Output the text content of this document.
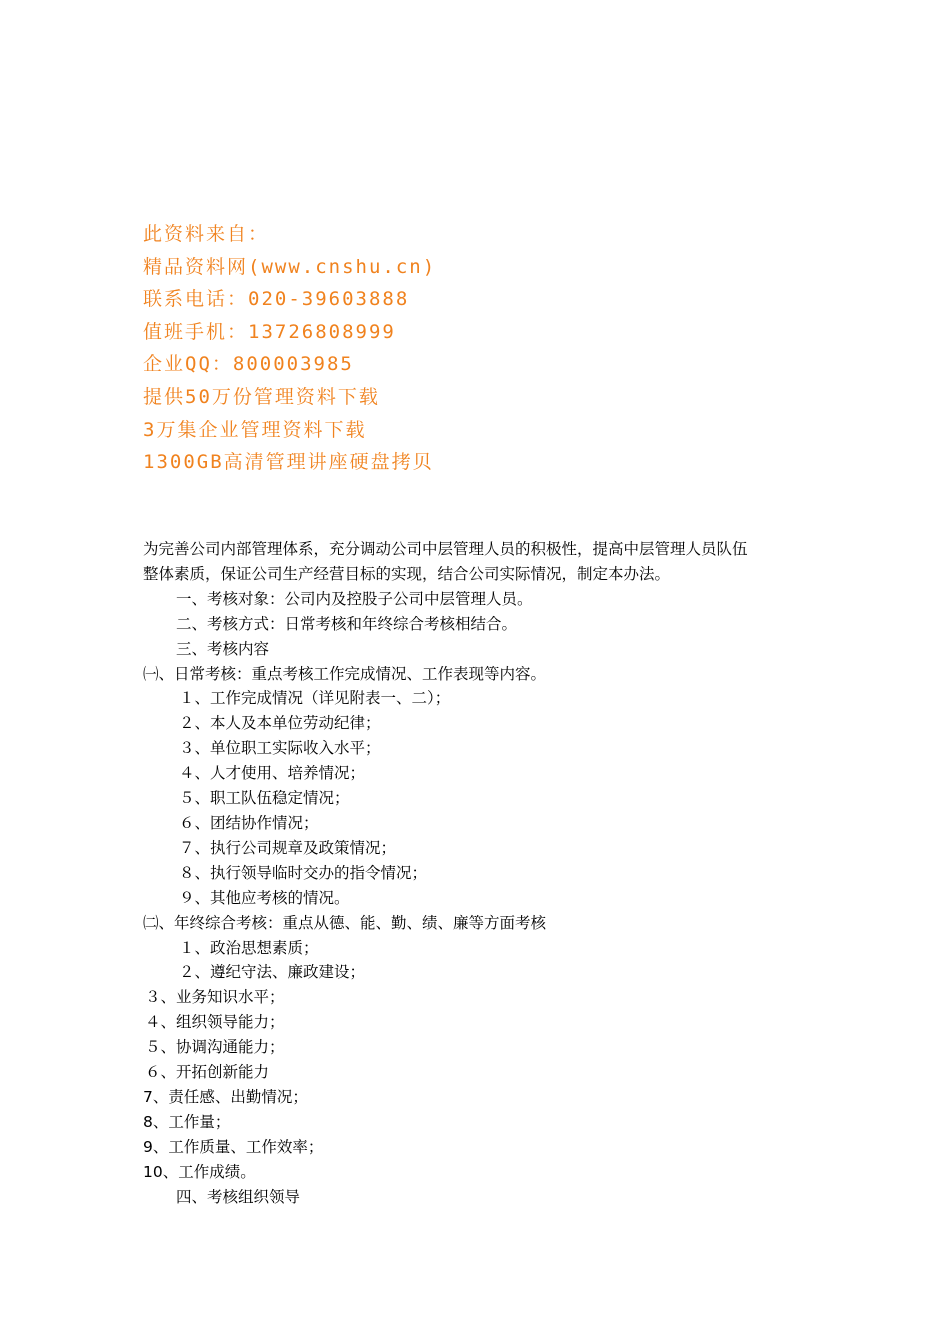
此资料来自：
精品资料网(www.cnshu.cn)
联系电话：020-39603888
值班手机：13726808999
企业QQ：800003985
提供50万份管理资料下载
3万集企业管理资料下载
1300GB高清管理讲座硬盘拷贝
为完善公司内部管理体系，充分调动公司中层管理人员的积极性，提高中层管理人员队伍
整体素质，保证公司生产经营目标的实现，结合公司实际情况，制定本办法。
一、考核对象：公司内及控股子公司中层管理人员。
二、考核方式：日常考核和年终综合考核相结合。
三、考核内容
㈠、日常考核：重点考核工作完成情况、工作表现等内容。
１、工作完成情况（详见附表一、二）；
２、本人及本单位劳动纪律；
３、单位职工实际收入水平；
４、人才使用、培养情况；
５、职工队伍稳定情况；
６、团结协作情况；
７、执行公司规章及政策情况；
８、执行领导临时交办的指令情况；
９、其他应考核的情况。
㈡、年终综合考核：重点从德、能、勤、绩、廉等方面考核
１、政治思想素质；
２、遵纪守法、廉政建设；
３、业务知识水平；
４、组织领导能力；
５、协调沟通能力；
６、开拓创新能力
7、责任感、出勤情况；
8、工作量；
9、工作质量、工作效率；
10、工作成绩。
四、考核组织领导
